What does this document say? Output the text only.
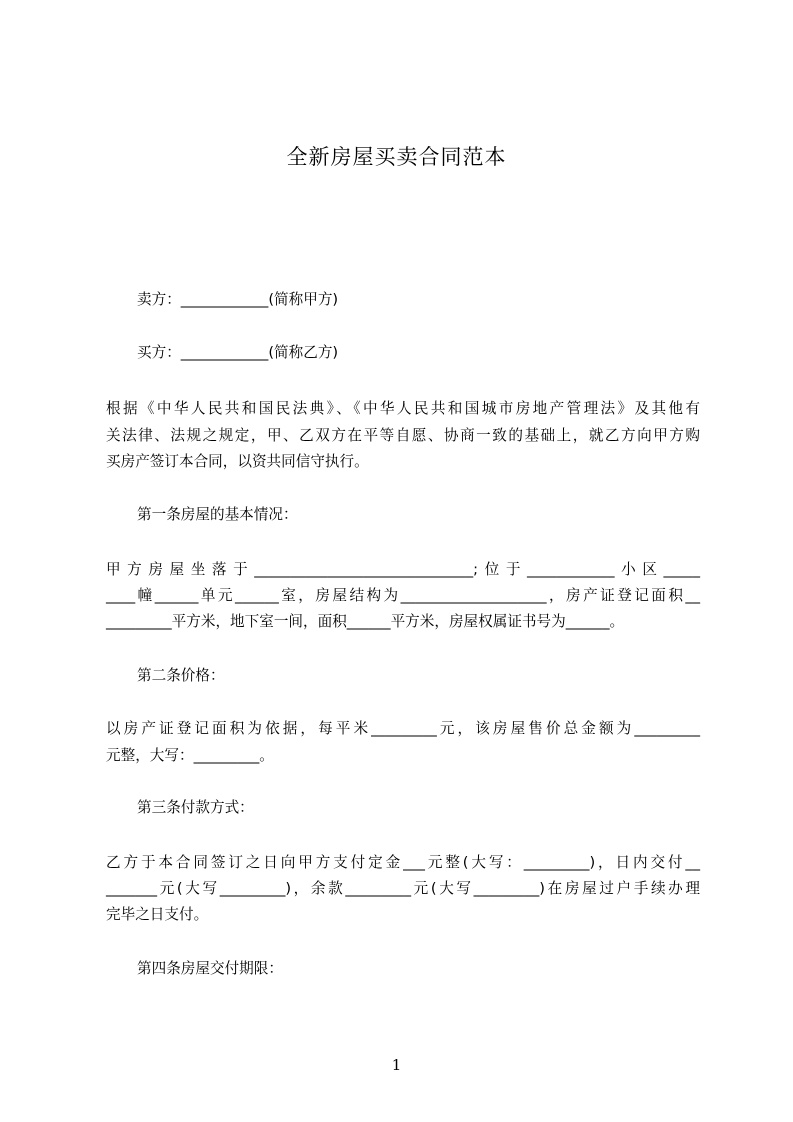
全新房屋买卖合同范本
卖方：____________(简称甲方)
买方：____________(简称乙方)
根据《中华人民共和国民法典》、《中华人民共和国城市房地产管理法》及其他有
关法律、法规之规定，甲、乙双方在平等自愿、协商一致的基础上，就乙方向甲方购
买房产签订本合同，以资共同信守执行。
第一条房屋的基本情况：
甲方房屋坐落于______________________________;位于____________小区_____
____幢______单元______室，房屋结构为____________________，房产证登记面积__
_________平方米，地下室一间，面积______平方米，房屋权属证书号为______。
第二条价格：
以房产证登记面积为依据，每平米_________元，该房屋售价总金额为_________
元整，大写：_________。
第三条付款方式：
乙方于本合同签订之日向甲方支付定金___元整(大写：_________)，日内交付__
_______元(大写_________)，余款_________元(大写_________)在房屋过户手续办理
完毕之日支付。
第四条房屋交付期限：
1
